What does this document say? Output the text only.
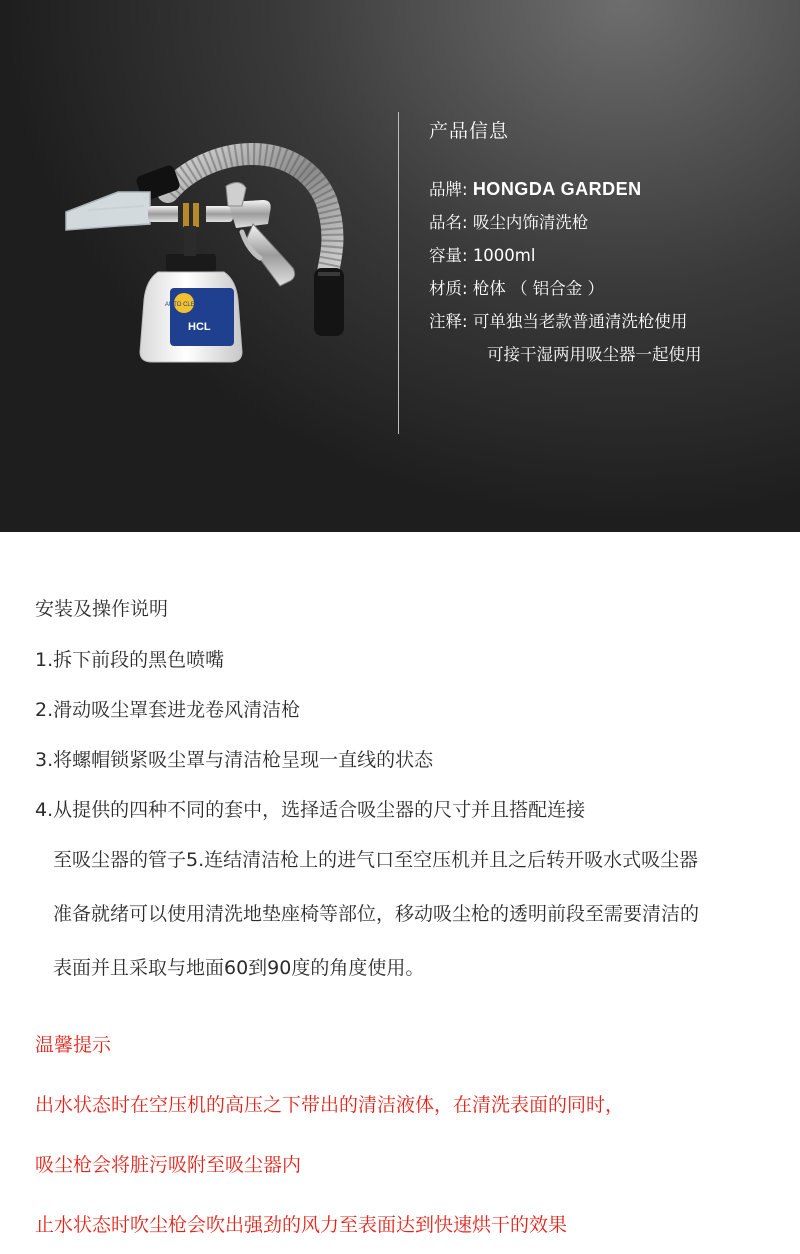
AUTO CLEAN
HCL
产品信息
品牌: HONGDA GARDEN
品名: 吸尘内饰清洗枪
容量: 1000ml
材质: 枪体 （ 铝合金 ）
注释: 可单独当老款普通清洗枪使用
可接干湿两用吸尘器一起使用
安装及操作说明
1.拆下前段的黑色喷嘴
2.滑动吸尘罩套进龙卷风清洁枪
3.将螺帽锁紧吸尘罩与清洁枪呈现一直线的状态
4.从提供的四种不同的套中，选择适合吸尘器的尺寸并且搭配连接
至吸尘器的管子5.连结清洁枪上的进气口至空压机并且之后转开吸水式吸尘器
准备就绪可以使用清洗地垫座椅等部位，移动吸尘枪的透明前段至需要清洁的
表面并且采取与地面60到90度的角度使用。
温馨提示
出水状态时在空压机的高压之下带出的清洁液体，在清洗表面的同时，
吸尘枪会将脏污吸附至吸尘器内
止水状态时吹尘枪会吹出强劲的风力至表面达到快速烘干的效果
